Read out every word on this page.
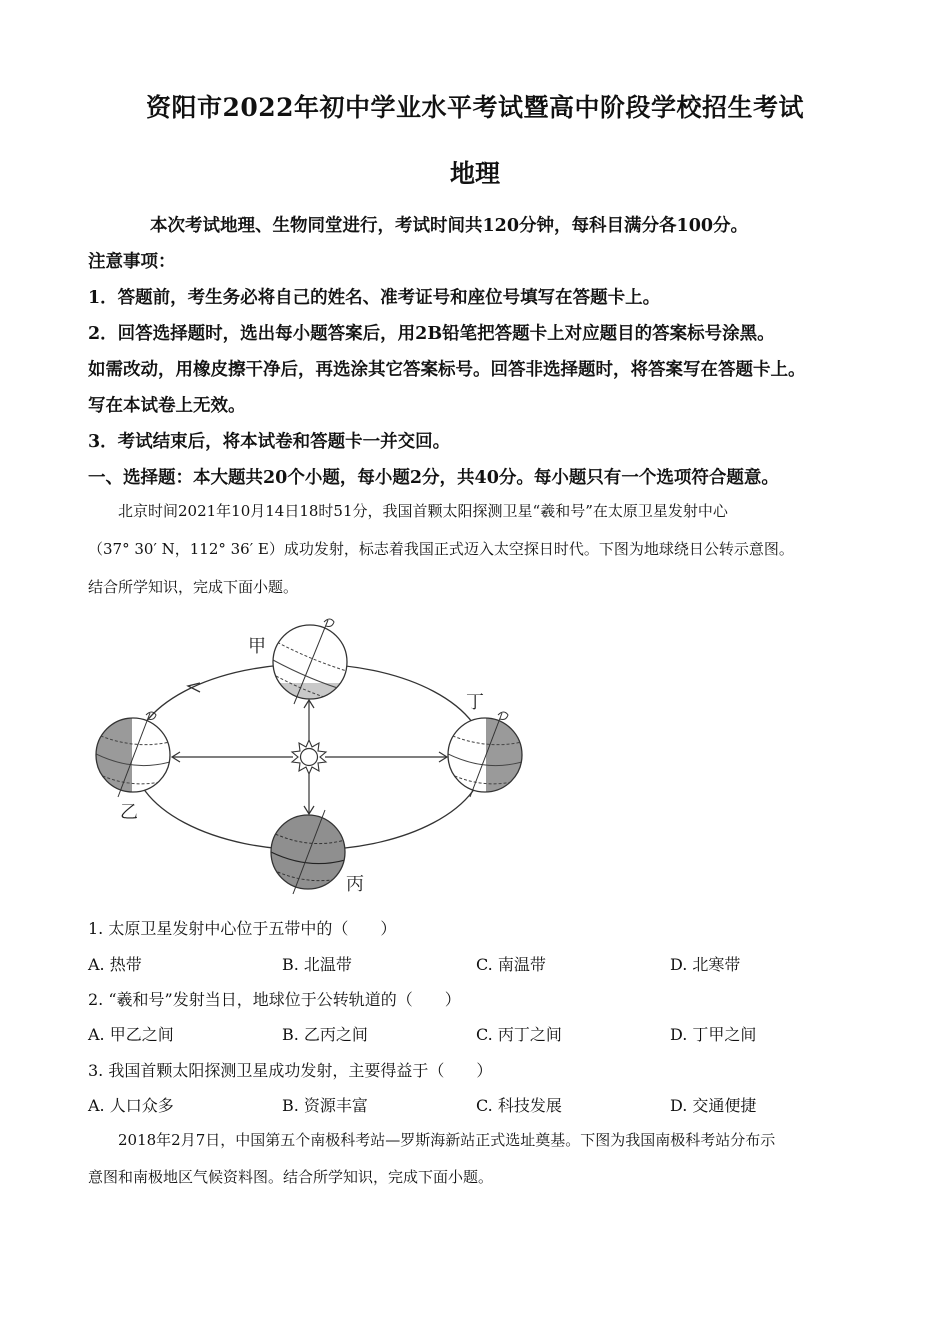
资阳市2022年初中学业水平考试暨高中阶段学校招生考试
地理
本次考试地理、生物同堂进行，考试时间共120分钟，每科目满分各100分。
注意事项：
1．答题前，考生务必将自己的姓名、准考证号和座位号填写在答题卡上。
2．回答选择题时，选出每小题答案后，用2B铅笔把答题卡上对应题目的答案标号涂黑。
如需改动，用橡皮擦干净后，再选涂其它答案标号。回答非选择题时，将答案写在答题卡上。
写在本试卷上无效。
3．考试结束后，将本试卷和答题卡一并交回。
一、选择题：本大题共20个小题，每小题2分，共40分。每小题只有一个选项符合题意。
北京时间2021年10月14日18时51分，我国首颗太阳探测卫星“羲和号”在太原卫星发射中心
（37° 30′ N，112° 36′ E）成功发射，标志着我国正式迈入太空探日时代。下图为地球绕日公转示意图。
结合所学知识，完成下面小题。
甲
乙
丙
丁
1. 太原卫星发射中心位于五带中的（　　）
A. 热带	B. 北温带	C. 南温带	D. 北寒带
2. “羲和号”发射当日，地球位于公转轨道的（　　）
A. 甲乙之间	B. 乙丙之间	C. 丙丁之间	D. 丁甲之间
3. 我国首颗太阳探测卫星成功发射，主要得益于（　　）
A. 人口众多	B. 资源丰富	C. 科技发展	D. 交通便捷
2018年2月7日，中国第五个南极科考站—罗斯海新站正式选址奠基。下图为我国南极科考站分布示
意图和南极地区气候资料图。结合所学知识，完成下面小题。
